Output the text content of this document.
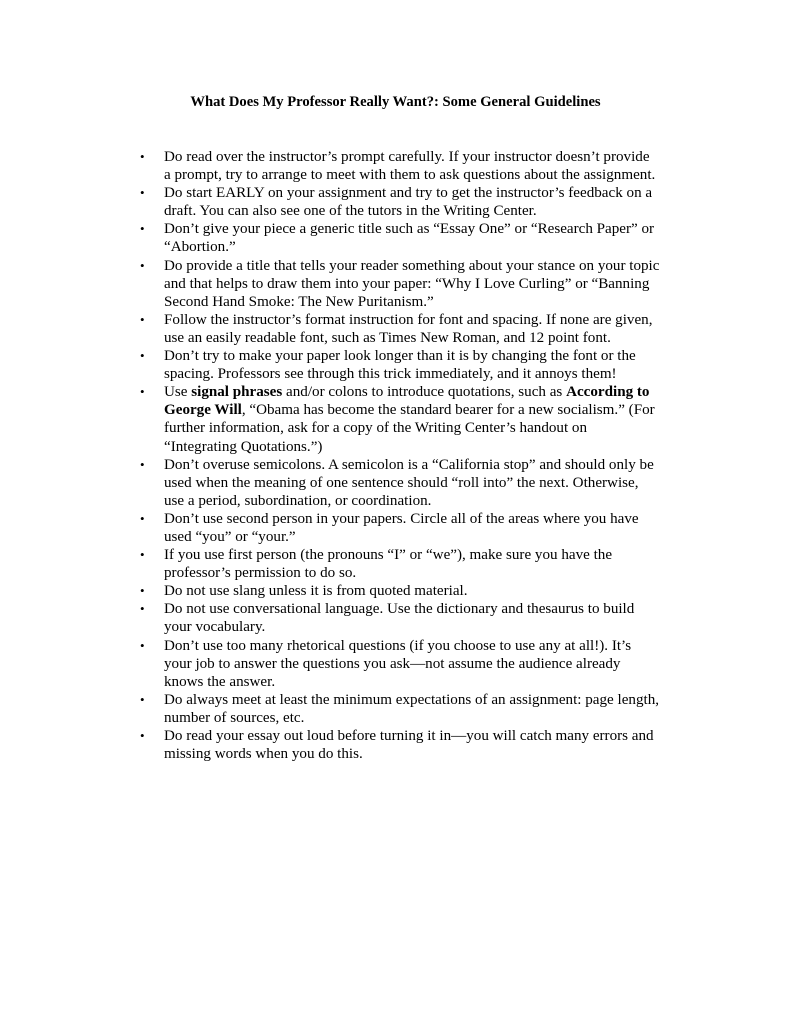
What Does My Professor Really Want?: Some General Guidelines
• Do read over the instructor’s prompt carefully. If your instructor doesn’t provide
a prompt, try to arrange to meet with them to ask questions about the assignment.
• Do start EARLY on your assignment and try to get the instructor’s feedback on a
draft. You can also see one of the tutors in the Writing Center.
• Don’t give your piece a generic title such as “Essay One” or “Research Paper” or
“Abortion.”
• Do provide a title that tells your reader something about your stance on your topic
and that helps to draw them into your paper: “Why I Love Curling” or “Banning
Second Hand Smoke: The New Puritanism.”
• Follow the instructor’s format instruction for font and spacing. If none are given,
use an easily readable font, such as Times New Roman, and 12 point font.
• Don’t try to make your paper look longer than it is by changing the font or the
spacing. Professors see through this trick immediately, and it annoys them!
• Use signal phrases and/or colons to introduce quotations, such as According to
George Will, “Obama has become the standard bearer for a new socialism.” (For
further information, ask for a copy of the Writing Center’s handout on
“Integrating Quotations.”)
• Don’t overuse semicolons. A semicolon is a “California stop” and should only be
used when the meaning of one sentence should “roll into” the next. Otherwise,
use a period, subordination, or coordination.
• Don’t use second person in your papers. Circle all of the areas where you have
used “you” or “your.”
• If you use first person (the pronouns “I” or “we”), make sure you have the
professor’s permission to do so.
• Do not use slang unless it is from quoted material.
• Do not use conversational language. Use the dictionary and thesaurus to build
your vocabulary.
• Don’t use too many rhetorical questions (if you choose to use any at all!). It’s
your job to answer the questions you ask—not assume the audience already
knows the answer.
• Do always meet at least the minimum expectations of an assignment: page length,
number of sources, etc.
• Do read your essay out loud before turning it in—you will catch many errors and
missing words when you do this.
